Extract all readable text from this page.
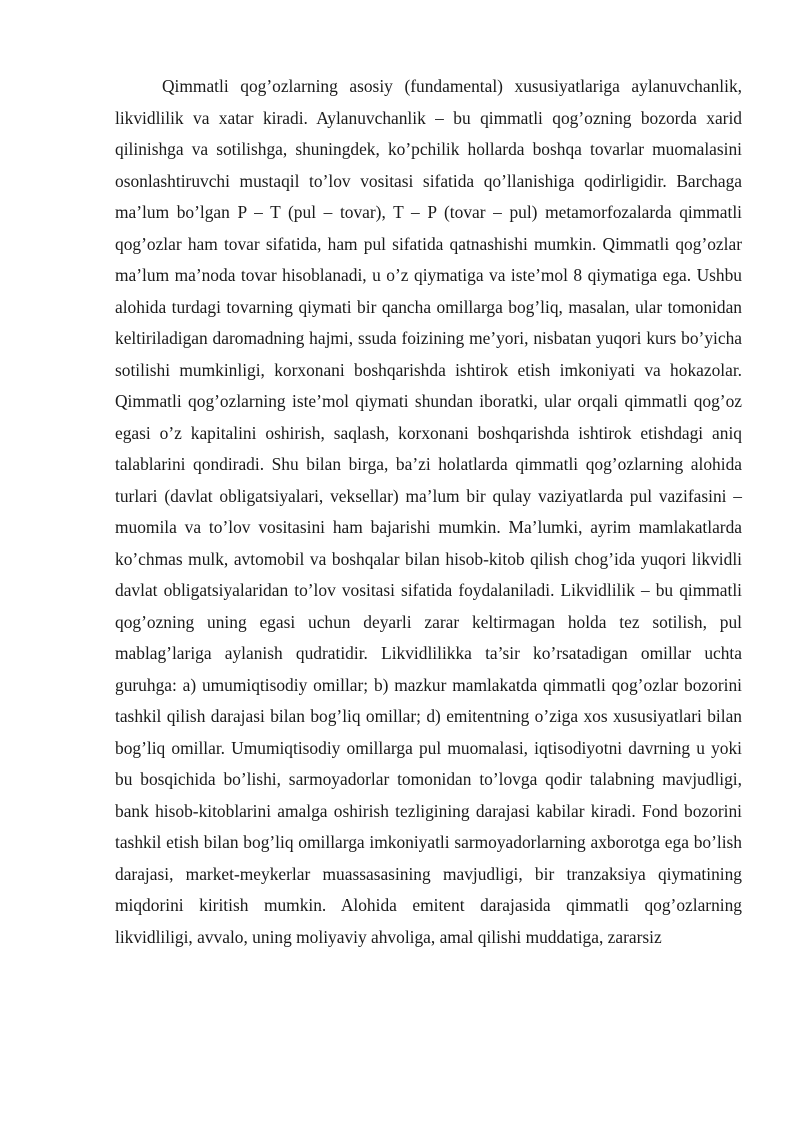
Qimmatli qog’ozlarning asosiy (fundamental) xususiyatlariga aylanuvchanlik, likvidlilik va xatar kiradi. Aylanuvchanlik – bu qimmatli qog’ozning bozorda xarid qilinishga va sotilishga, shuningdek, ko’pchilik hollarda boshqa tovarlar muomalasini osonlashtiruvchi mustaqil to’lov vositasi sifatida qo’llanishiga qodirligidir. Barchaga ma’lum bo’lgan P – T (pul – tovar), T – P (tovar – pul) metamorfozalarda qimmatli qog’ozlar ham tovar sifatida, ham pul sifatida qatnashishi mumkin. Qimmatli qog’ozlar ma’lum ma’noda tovar hisoblanadi, u o’z qiymatiga va iste’mol 8 qiymatiga ega. Ushbu alohida turdagi tovarning qiymati bir qancha omillarga bog’liq, masalan, ular tomonidan keltiriladigan daromadning hajmi, ssuda foizining me’yori, nisbatan yuqori kurs bo’yicha sotilishi mumkinligi, korxonani boshqarishda ishtirok etish imkoniyati va hokazolar. Qimmatli qog’ozlarning iste’mol qiymati shundan iboratki, ular orqali qimmatli qog’oz egasi o’z kapitalini oshirish, saqlash, korxonani boshqarishda ishtirok etishdagi aniq talablarini qondiradi. Shu bilan birga, ba’zi holatlarda qimmatli qog’ozlarning alohida turlari (davlat obligatsiyalari, veksellar) ma’lum bir qulay vaziyatlarda pul vazifasini – muomila va to’lov vositasini ham bajarishi mumkin. Ma’lumki, ayrim mamlakatlarda ko’chmas mulk, avtomobil va boshqalar bilan hisob-kitob qilish chog’ida yuqori likvidli davlat obligatsiyalaridan to’lov vositasi sifatida foydalaniladi. Likvidlilik – bu qimmatli qog’ozning uning egasi uchun deyarli zarar keltirmagan holda tez sotilish, pul mablag’lariga aylanish qudratidir. Likvidlilikka ta’sir ko’rsatadigan omillar uchta guruhga: a) umumiqtisodiy omillar; b) mazkur mamlakatda qimmatli qog’ozlar bozorini tashkil qilish darajasi bilan bog’liq omillar; d) emitentning o’ziga xos xususiyatlari bilan bog’liq omillar. Umumiqtisodiy omillarga pul muomalasi, iqtisodiyotni davrning u yoki bu bosqichida bo’lishi, sarmoyadorlar tomonidan to’lovga qodir talabning mavjudligi, bank hisob-kitoblarini amalga oshirish tezligining darajasi kabilar kiradi. Fond bozorini tashkil etish bilan bog’liq omillarga imkoniyatli sarmoyadorlarning axborotga ega bo’lish darajasi, market-meykerlar muassasasining mavjudligi, bir tranzaksiya qiymatining miqdorini kiritish mumkin. Alohida emitent darajasida qimmatli qog’ozlarning likvidliligi, avvalo, uning moliyaviy ahvoliga, amal qilishi muddatiga, zararsiz
